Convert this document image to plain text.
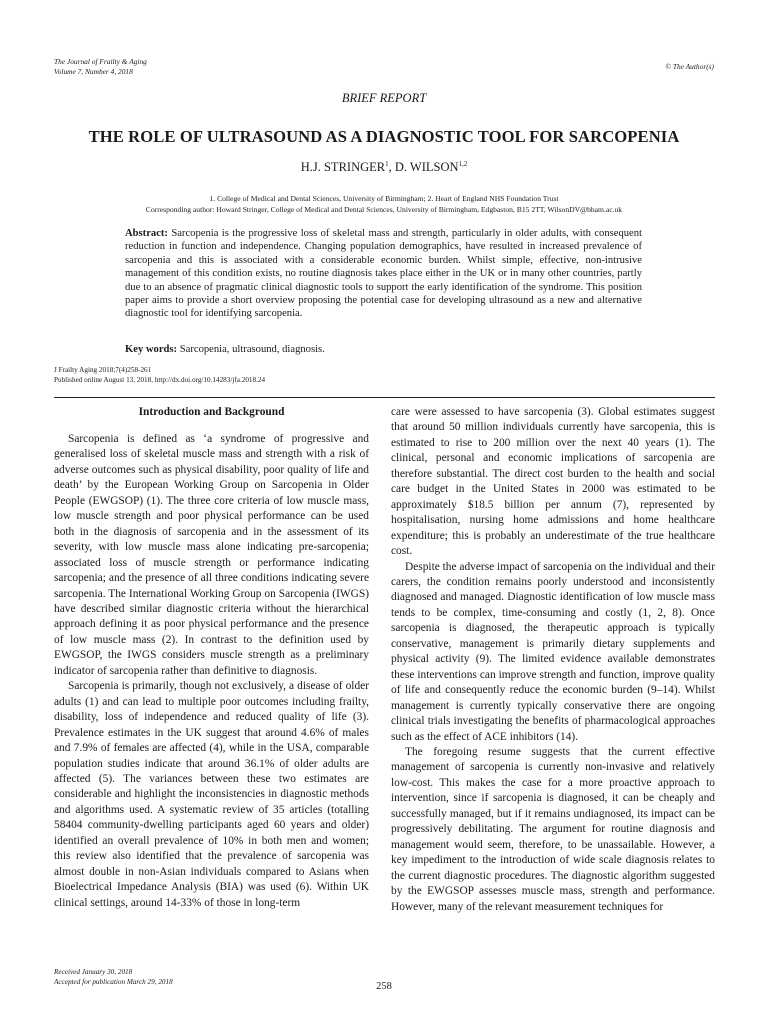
The Journal of Frailty & Aging
Volume 7, Number 4, 2018
© The Author(s)
BRIEF REPORT
THE ROLE OF ULTRASOUND AS A DIAGNOSTIC TOOL FOR SARCOPENIA
H.J. STRINGER$^1$, D. WILSON$^{1,2}$
1. College of Medical and Dental Sciences, University of Birmingham; 2. Heart of England NHS Foundation Trust
Corresponding author: Howard Stringer, College of Medical and Dental Sciences, University of Birmingham, Edgbaston, B15 2TT, WilsonDV@bham.ac.uk
Abstract: Sarcopenia is the progressive loss of skeletal mass and strength, particularly in older adults, with consequent reduction in function and independence. Changing population demographics, have resulted in increased prevalence of sarcopenia and this is associated with a considerable economic burden. Whilst simple, effective, non-intrusive management of this condition exists, no routine diagnosis takes place either in the UK or in many other countries, partly due to an absence of pragmatic clinical diagnostic tools to support the early identification of the syndrome. This position paper aims to provide a short overview proposing the potential case for developing ultrasound as a new and alternative diagnostic tool for identifying sarcopenia.
Key words: Sarcopenia, ultrasound, diagnosis.
J Frailty Aging 2018;7(4)258-261
Published online August 13, 2018, http://dx.doi.org/10.14283/jfa.2018.24
Introduction and Background

Sarcopenia is defined as ‘a syndrome of progressive and generalised loss of skeletal muscle mass and strength with a risk of adverse outcomes such as physical disability, poor quality of life and death’ by the European Working Group on Sarcopenia in Older People (EWGSOP) (1). The three core criteria of low muscle mass, low muscle strength and poor physical performance can be used both in the diagnosis of sarcopenia and in the assessment of its severity, with low muscle mass alone indicating pre-sarcopenia; associated loss of muscle strength or performance indicating sarcopenia; and the presence of all three conditions indicating severe sarcopenia. The International Working Group on Sarcopenia (IWGS) have described similar diagnostic criteria without the hierarchical approach defining it as poor physical performance and the presence of low muscle mass (2). In contrast to the definition used by EWGSOP, the IWGS considers muscle strength as a preliminary indicator of sarcopenia rather than definitive to diagnosis.

Sarcopenia is primarily, though not exclusively, a disease of older adults (1) and can lead to multiple poor outcomes including frailty, disability, loss of independence and reduced quality of life (3). Prevalence estimates in the UK suggest that around 4.6% of males and 7.9% of females are affected (4), while in the USA, comparable population studies indicate that around 36.1% of older adults are affected (5). The variances between these two estimates are considerable and highlight the inconsistencies in diagnostic methods and algorithms used. A systematic review of 35 articles (totalling 58404 community-dwelling participants aged 60 years and older) identified an overall prevalence of 10% in both men and women; this review also identified that the prevalence of sarcopenia was almost double in non-Asian individuals compared to Asians when Bioelectrical Impedance Analysis (BIA) was used (6). Within UK clinical settings, around 14-33% of those in long-term

care were assessed to have sarcopenia (3). Global estimates suggest that around 50 million individuals currently have sarcopenia, this is estimated to rise to 200 million over the next 40 years (1). The clinical, personal and economic implications of sarcopenia are therefore substantial. The direct cost burden to the health and social care budget in the United States in 2000 was estimated to be approximately $18.5 billion per annum (7), represented by hospitalisation, nursing home admissions and home healthcare expenditure; this is probably an underestimate of the true healthcare cost.

Despite the adverse impact of sarcopenia on the individual and their carers, the condition remains poorly understood and inconsistently diagnosed and managed. Diagnostic identification of low muscle mass tends to be complex, time-consuming and costly (1, 2, 8). Once sarcopenia is diagnosed, the therapeutic approach is typically conservative, management is primarily dietary supplements and physical activity (9). The limited evidence available demonstrates these interventions can improve strength and function, improve quality of life and consequently reduce the economic burden (9–14). Whilst management is currently typically conservative there are ongoing clinical trials investigating the benefits of pharmacological approaches such as the effect of ACE inhibitors (14).

The foregoing resume suggests that the current effective management of sarcopenia is currently non-invasive and relatively low-cost. This makes the case for a more proactive approach to intervention, since if sarcopenia is diagnosed, it can be cheaply and successfully managed, but if it remains undiagnosed, its impact can be progressively debilitating. The argument for routine diagnosis and management would seem, therefore, to be unassailable. However, a key impediment to the introduction of wide scale diagnosis relates to the current diagnostic procedures. The diagnostic algorithm suggested by the EWGSOP assesses muscle mass, strength and performance. However, many of the relevant measurement techniques for

Received January 30, 2018
Accepted for publication March 29, 2018	258
